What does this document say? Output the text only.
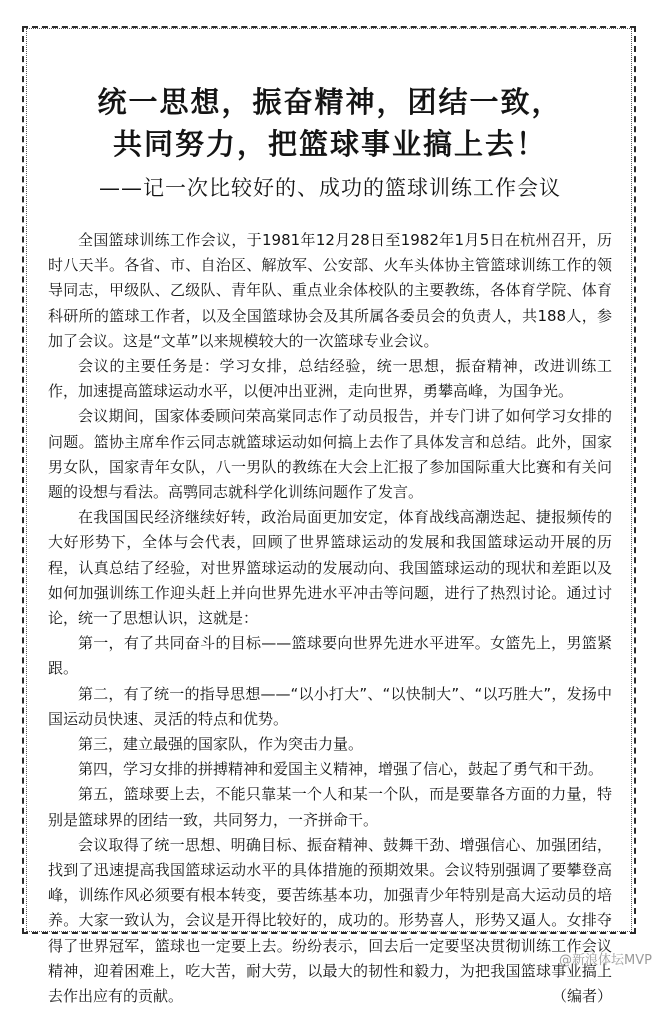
统一思想，振奋精神，团结一致，
共同努力，把篮球事业搞上去！
——记一次比较好的、成功的篮球训练工作会议

全国篮球训练工作会议，于1981年12月28日至1982年1月5日在杭州召开，历时八天半。各省、市、自治区、解放军、公安部、火车头体协主管篮球训练工作的领导同志，甲级队、乙级队、青年队、重点业余体校队的主要教练，各体育学院、体育科研所的篮球工作者，以及全国篮球协会及其所属各委员会的负责人，共188人，参加了会议。这是“文革”以来规模较大的一次篮球专业会议。

会议的主要任务是：学习女排，总结经验，统一思想，振奋精神，改进训练工作，加速提高篮球运动水平，以便冲出亚洲，走向世界，勇攀高峰，为国争光。

会议期间，国家体委顾问荣高棠同志作了动员报告，并专门讲了如何学习女排的问题。篮协主席牟作云同志就篮球运动如何搞上去作了具体发言和总结。此外，国家男女队，国家青年女队，八一男队的教练在大会上汇报了参加国际重大比赛和有关问题的设想与看法。高鹗同志就科学化训练问题作了发言。

在我国国民经济继续好转，政治局面更加安定，体育战线高潮迭起、捷报频传的大好形势下，全体与会代表，回顾了世界篮球运动的发展和我国篮球运动开展的历程，认真总结了经验，对世界篮球运动的发展动向、我国篮球运动的现状和差距以及如何加强训练工作迎头赶上并向世界先进水平冲击等问题，进行了热烈讨论。通过讨论，统一了思想认识，这就是：

第一，有了共同奋斗的目标——篮球要向世界先进水平进军。女篮先上，男篮紧跟。

第二，有了统一的指导思想——“以小打大”、“以快制大”、“以巧胜大”，发扬中国运动员快速、灵活的特点和优势。

第三，建立最强的国家队，作为突击力量。

第四，学习女排的拼搏精神和爱国主义精神，增强了信心，鼓起了勇气和干劲。

第五，篮球要上去，不能只靠某一个人和某一个队，而是要靠各方面的力量，特别是篮球界的团结一致，共同努力，一齐拼命干。

会议取得了统一思想、明确目标、振奋精神、鼓舞干劲、增强信心、加强团结，找到了迅速提高我国篮球运动水平的具体措施的预期效果。会议特别强调了要攀登高峰，训练作风必须要有根本转变，要苦练基本功，加强青少年特别是高大运动员的培养。大家一致认为，会议是开得比较好的，成功的。形势喜人，形势又逼人。女排夺得了世界冠军，篮球也一定要上去。纷纷表示，回去后一定要坚决贯彻训练工作会议精神，迎着困难上，吃大苦，耐大劳，以最大的韧性和毅力，为把我国篮球事业搞上去作出应有的贡献。	（编者）

@新浪体坛MVP
